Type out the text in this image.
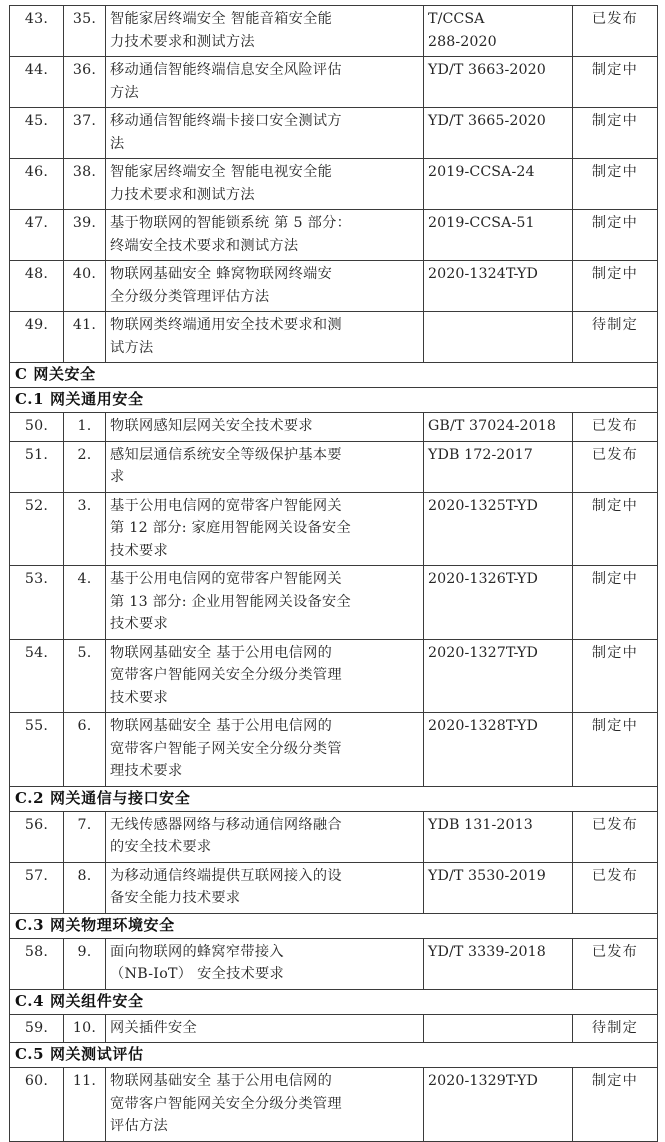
43.	35.	智能家居终端安全 智能音箱安全能
力技术要求和测试方法	T/CCSA
288-2020	已发布
44.	36.	移动通信智能终端信息安全风险评估
方法	YD/T 3663-2020	制定中
45.	37.	移动通信智能终端卡接口安全测试方
法	YD/T 3665-2020	制定中
46.	38.	智能家居终端安全 智能电视安全能
力技术要求和测试方法	2019-CCSA-24	制定中
47.	39.	基于物联网的智能锁系统 第 5 部分：
终端安全技术要求和测试方法	2019-CCSA-51	制定中
48.	40.	物联网基础安全 蜂窝物联网终端安
全分级分类管理评估方法	2020-1324T-YD	制定中
49.	41.	物联网类终端通用安全技术要求和测
试方法		待制定
C 网关安全				
C.1 网关通用安全				
50.	1.	物联网感知层网关安全技术要求	GB/T 37024-2018	已发布
51.	2.	感知层通信系统安全等级保护基本要
求	YDB 172-2017	已发布
52.	3.	基于公用电信网的宽带客户智能网关
第 12 部分: 家庭用智能网关设备安全
技术要求	2020-1325T-YD	制定中
53.	4.	基于公用电信网的宽带客户智能网关
第 13 部分: 企业用智能网关设备安全
技术要求	2020-1326T-YD	制定中
54.	5.	物联网基础安全 基于公用电信网的
宽带客户智能网关安全分级分类管理
技术要求	2020-1327T-YD	制定中
55.	6.	物联网基础安全 基于公用电信网的
宽带客户智能子网关安全分级分类管
理技术要求	2020-1328T-YD	制定中
C.2 网关通信与接口安全				
56.	7.	无线传感器网络与移动通信网络融合
的安全技术要求	YDB 131-2013	已发布
57.	8.	为移动通信终端提供互联网接入的设
备安全能力技术要求	YD/T 3530-2019	已发布
C.3 网关物理环境安全				
58.	9.	面向物联网的蜂窝窄带接入
（NB-IoT） 安全技术要求	YD/T 3339-2018	已发布
C.4 网关组件安全				
59.	10.	网关插件安全		待制定
C.5 网关测试评估				
60.	11.	物联网基础安全 基于公用电信网的
宽带客户智能网关安全分级分类管理
评估方法	2020-1329T-YD	制定中
